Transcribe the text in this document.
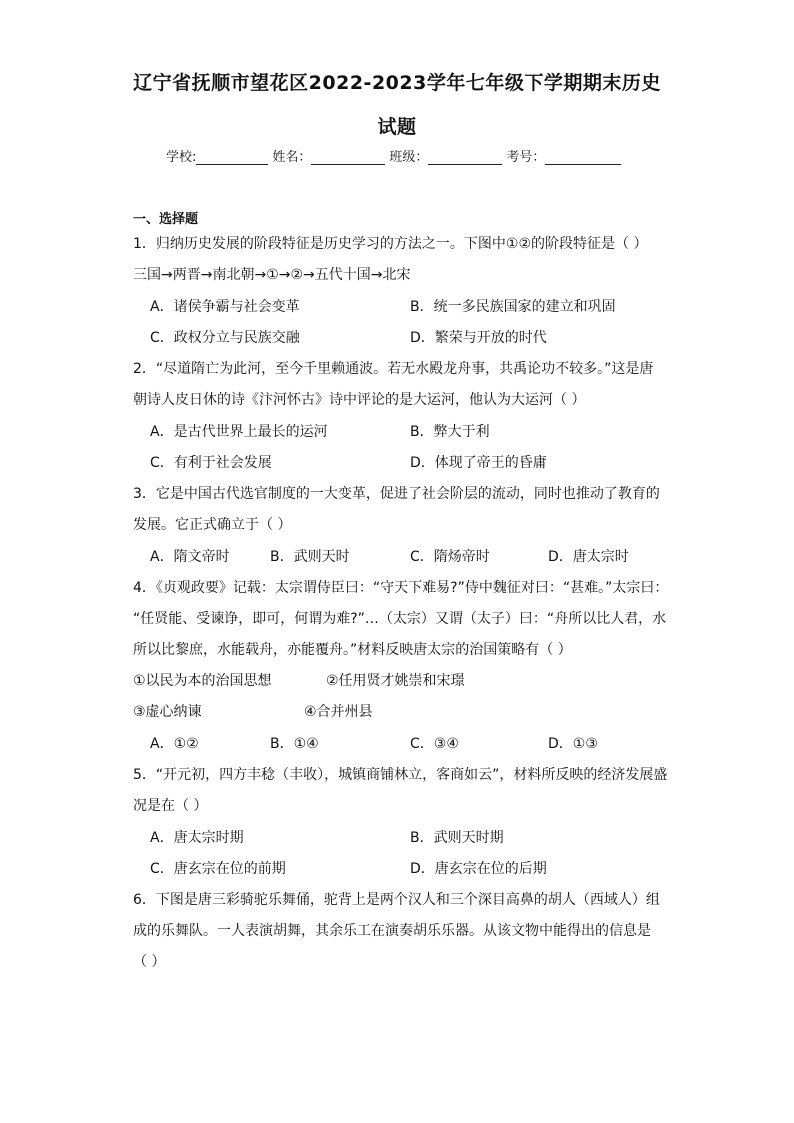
辽宁省抚顺市望花区2022-2023学年七年级下学期期末历史
试题
学校:	姓名：	班级：	考号：
一、选择题
1．归纳历史发展的阶段特征是历史学习的方法之一。下图中①②的阶段特征是（ ）
三国→两晋→南北朝→①→②→五代十国→北宋
A．诸侯争霸与社会变革	B．统一多民族国家的建立和巩固
C．政权分立与民族交融	D．繁荣与开放的时代
2．“尽道隋亡为此河，至今千里赖通波。若无水殿龙舟事，共禹论功不较多。”这是唐
朝诗人皮日休的诗《汴河怀古》诗中评论的是大运河，他认为大运河（ ）
A．是古代世界上最长的运河	B．弊大于利
C．有利于社会发展	D．体现了帝王的昏庸
3．它是中国古代选官制度的一大变革，促进了社会阶层的流动，同时也推动了教育的
发展。它正式确立于（ ）
A．隋文帝时	B．武则天时	C．隋炀帝时	D．唐太宗时
4．《贞观政要》记载：太宗谓侍臣曰：“守天下难易?”侍中魏征对曰：“甚难。”太宗曰：
“任贤能、受谏诤，即可，何谓为难?”…（太宗）又谓（太子）曰：“舟所以比人君，水
所以比黎庶，水能载舟，亦能覆舟。”材料反映唐太宗的治国策略有（ ）
①以民为本的治国思想	②任用贤才姚崇和宋璟
③虚心纳谏	④合并州县
A．①②	B．①④	C．③④	D．①③
5．“开元初，四方丰稔（丰收），城镇商铺林立，客商如云”，材料所反映的经济发展盛
况是在（ ）
A．唐太宗时期	B．武则天时期
C．唐玄宗在位的前期	D．唐玄宗在位的后期
6．下图是唐三彩骑驼乐舞俑，驼背上是两个汉人和三个深目高鼻的胡人（西域人）组
成的乐舞队。一人表演胡舞，其余乐工在演奏胡乐乐器。从该文物中能得出的信息是
（ ）
